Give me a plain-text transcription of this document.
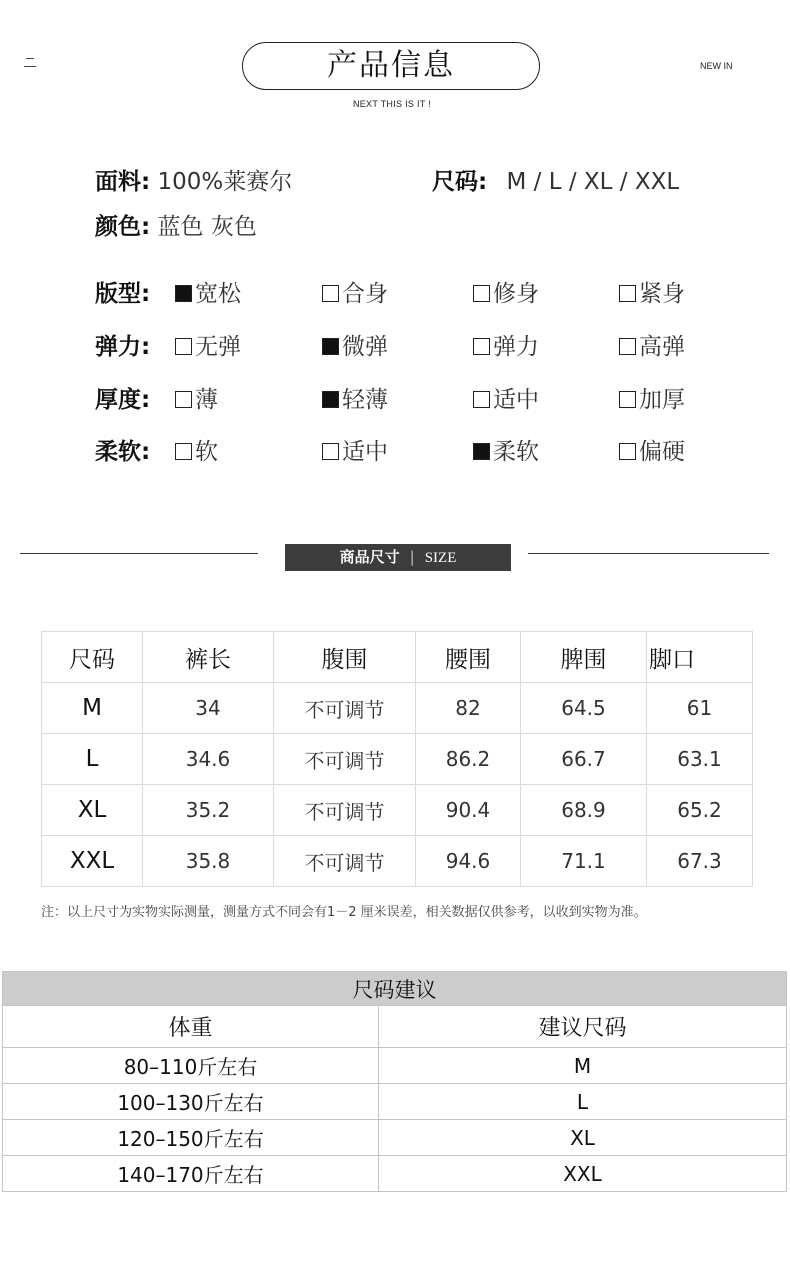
产品信息
NEXT THIS IS IT !
NEW IN
面料: 100%莱赛尔	尺码: M / L / XL / XXL
颜色: 蓝色 灰色
版型:	宽松	合身	修身	紧身
弹力:	无弹	微弹	弹力	高弹
厚度:	薄	轻薄	适中	加厚
柔软:	软	适中	柔软	偏硬
商品尺寸 | SIZE
尺码	裤长	腹围	腰围	脾围	脚口
M	34	不可调节	82	64.5	61
L	34.6	不可调节	86.2	66.7	63.1
XL	35.2	不可调节	90.4	68.9	65.2
XXL	35.8	不可调节	94.6	71.1	67.3
注：以上尺寸为实物实际测量，测量方式不同会有1－2 厘米误差，相关数据仅供参考，以收到实物为准。
尺码建议	
体重	建议尺码
80–110斤左右	M
100–130斤左右	L
120–150斤左右	XL
140–170斤左右	XXL
